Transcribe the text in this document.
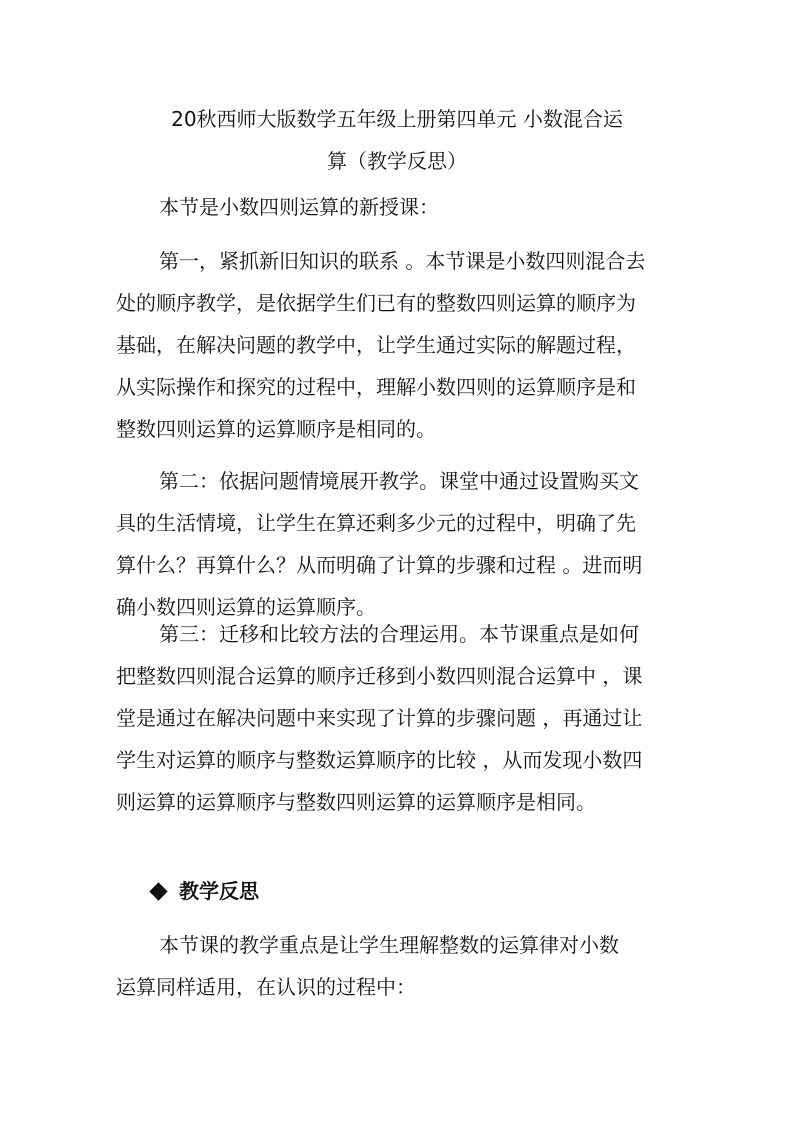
20秋西师大版数学五年级上册第四单元 小数混合运
算（教学反思）
本节是小数四则运算的新授课：
第一，紧抓新旧知识的联系 。本节课是小数四则混合去
处的顺序教学，是依据学生们已有的整数四则运算的顺序为
基础，在解决问题的教学中，让学生通过实际的解题过程，
从实际操作和探究的过程中，理解小数四则的运算顺序是和
整数四则运算的运算顺序是相同的。
第二：依据问题情境展开教学。课堂中通过设置购买文
具的生活情境，让学生在算还剩多少元的过程中，明确了先
算什么？再算什么？从而明确了计算的步骤和过程 。进而明
确小数四则运算的运算顺序。
第三：迁移和比较方法的合理运用。本节课重点是如何
把整数四则混合运算的顺序迁移到小数四则混合运算中 ，课
堂是通过在解决问题中来实现了计算的步骤问题 ，再通过让
学生对运算的顺序与整数运算顺序的比较 ，从而发现小数四
则运算的运算顺序与整数四则运算的运算顺序是相同。
教学反思
本节课的教学重点是让学生理解整数的运算律对小数
运算同样适用，在认识的过程中：
